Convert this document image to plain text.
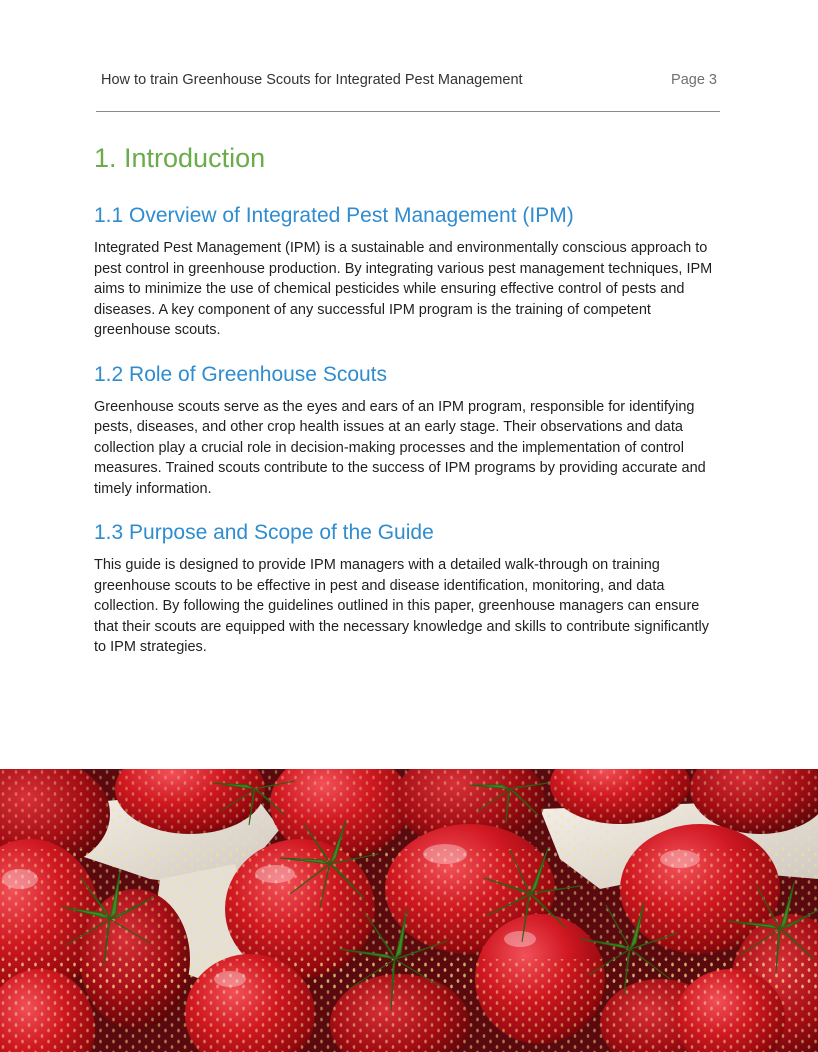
How to train Greenhouse Scouts for Integrated Pest Management	Page 3
1. Introduction
1.1 Overview of Integrated Pest Management (IPM)

Integrated Pest Management (IPM) is a sustainable and environmentally conscious approach to pest control in greenhouse production. By integrating various pest management techniques, IPM aims to minimize the use of chemical pesticides while ensuring effective control of pests and diseases. A key component of any successful IPM program is the training of competent greenhouse scouts.

1.2 Role of Greenhouse Scouts

Greenhouse scouts serve as the eyes and ears of an IPM program, responsible for identifying pests, diseases, and other crop health issues at an early stage. Their observations and data collection play a crucial role in decision-making processes and the implementation of control measures. Trained scouts contribute to the success of IPM programs by providing accurate and timely information.

1.3 Purpose and Scope of the Guide

This guide is designed to provide IPM managers with a detailed walk-through on training greenhouse scouts to be effective in pest and disease identification, monitoring, and data collection. By following the guidelines outlined in this paper, greenhouse managers can ensure that their scouts are equipped with the necessary knowledge and skills to contribute significantly to IPM strategies.
